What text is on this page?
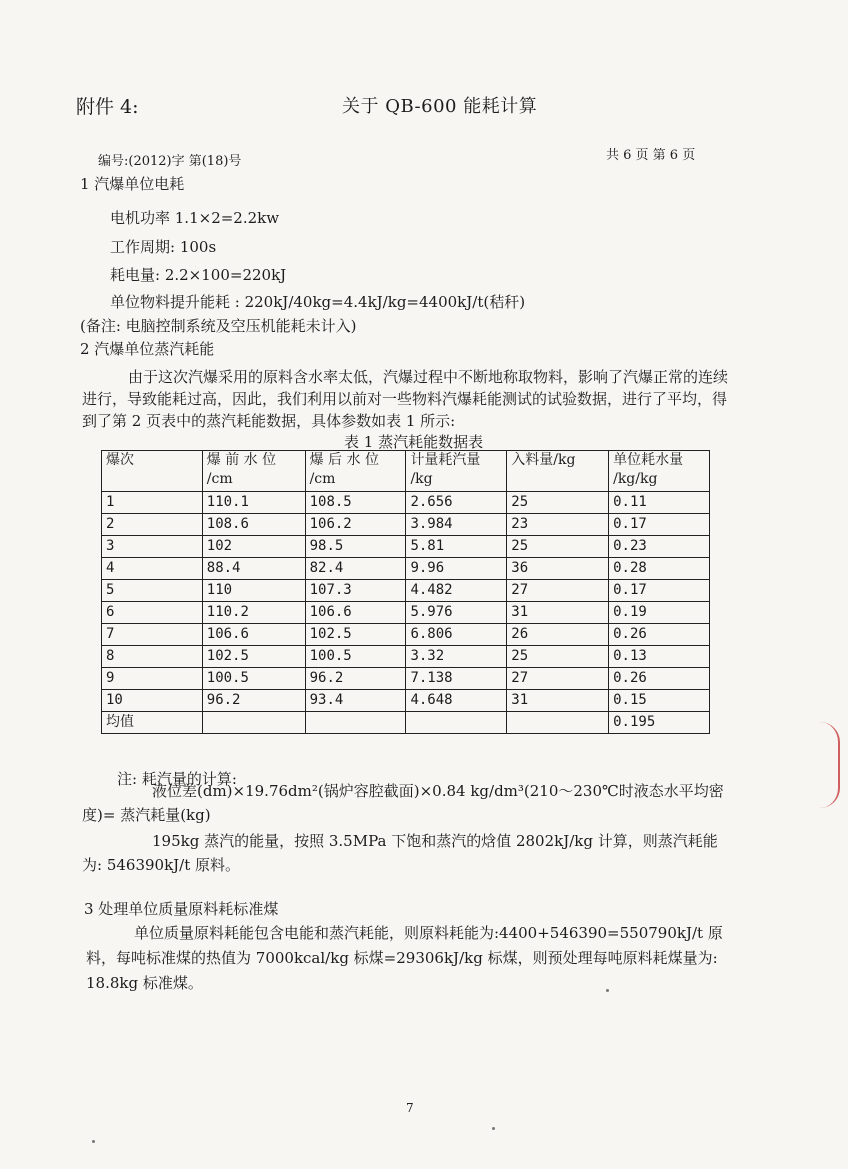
附件 4:	关于 QB-600 能耗计算
共 6 页 第 6 页
编号:(2012)字 第(18)号
1 汽爆单位电耗
电机功率 1.1×2=2.2kw
工作周期: 100s
耗电量: 2.2×100=220kJ
单位物料提升能耗 : 220kJ/40kg=4.4kJ/kg=4400kJ/t(秸秆)
(备注: 电脑控制系统及空压机能耗未计入)
2 汽爆单位蒸汽耗能
由于这次汽爆采用的原料含水率太低，汽爆过程中不断地称取物料，影响了汽爆正常的连续进行，导致能耗过高，因此，我们利用以前对一些物料汽爆耗能测试的试验数据，进行了平均，得到了第 2 页表中的蒸汽耗能数据，具体参数如表 1 所示:
表 1 蒸汽耗能数据表
爆次	爆 前 水 位 /cm	爆 后 水 位 /cm	计量耗汽量 /kg	入料量/kg	单位耗水量 /kg/kg
1	110.1	108.5	2.656	25	0.11
2	108.6	106.2	3.984	23	0.17
3	102	98.5	5.81	25	0.23
4	88.4	82.4	9.96	36	0.28
5	110	107.3	4.482	27	0.17
6	110.2	106.6	5.976	31	0.19
7	106.6	102.5	6.806	26	0.26
8	102.5	100.5	3.32	25	0.13
9	100.5	96.2	7.138	27	0.26
10	96.2	93.4	4.648	31	0.15
均值					0.195
注: 耗汽量的计算:
液位差(dm)×19.76dm²(锅炉容腔截面)×0.84 kg/dm³(210～230℃时液态水平均密度)= 蒸汽耗量(kg)
195kg 蒸汽的能量，按照 3.5MPa 下饱和蒸汽的焓值 2802kJ/kg 计算，则蒸汽耗能为: 546390kJ/t 原料。
3 处理单位质量原料耗标准煤
单位质量原料耗能包含电能和蒸汽耗能，则原料耗能为:4400+546390=550790kJ/t 原料，每吨标准煤的热值为 7000kcal/kg 标煤=29306kJ/kg 标煤，则预处理每吨原料耗煤量为: 18.8kg 标准煤。
7
